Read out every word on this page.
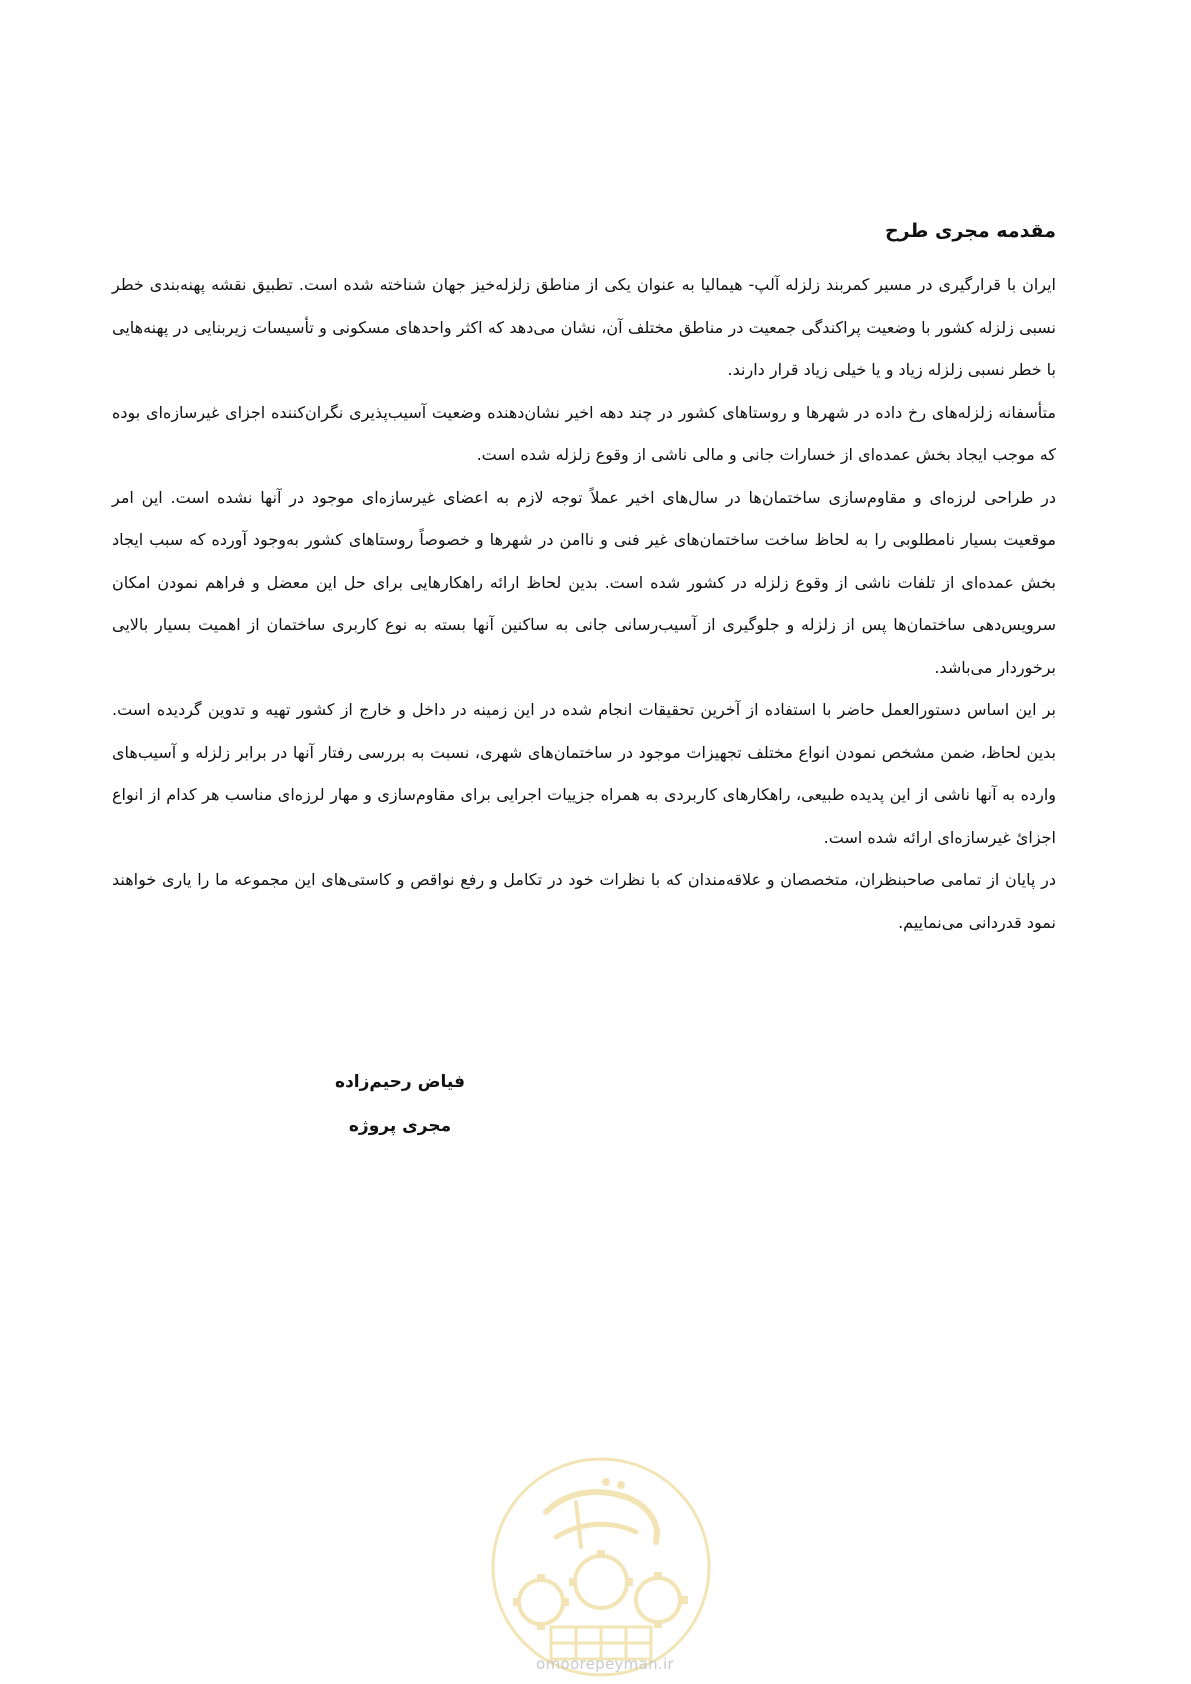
مقدمه مجری طرح

ایران با قرارگیری در مسیر کمربند زلزله آلپ- هیمالیا به عنوان یکی از مناطق زلزله‌خیز جهان شناخته شده است. تطبیق نقشه پهنه‌بندی خطر نسبی زلزله کشور با وضعیت پراکندگی جمعیت در مناطق مختلف آن، نشان می‌دهد که اکثر واحدهای مسکونی و تأسیسات زیربنایی در پهنه‌هایی با خطر نسبی زلزله زیاد و یا خیلی زیاد قرار دارند.

متأسفانه زلزله‌های رخ داده در شهرها و روستاهای کشور در چند دهه اخیر نشان‌دهنده وضعیت آسیب‌پذیری نگران‌کننده اجزای غیرسازه‌ای بوده که موجب ایجاد بخش عمده‌ای از خسارات جانی و مالی ناشی از وقوع زلزله شده است.

در طراحی لرزه‌ای و مقاوم‌سازی ساختمان‌ها در سال‌های اخیر عملاً توجه لازم به اعضای غیرسازه‌ای موجود در آنها نشده است. این امر موقعیت بسیار نامطلوبی را به لحاظ ساخت ساختمان‌های غیر فنی و ناامن در شهرها و خصوصاً روستاهای کشور به‌وجود آورده که سبب ایجاد بخش عمده‌ای از تلفات ناشی از وقوع زلزله در کشور شده است. بدین لحاظ ارائه راهکارهایی برای حل این معضل و فراهم نمودن امکان سرویس‌دهی ساختمان‌ها پس از زلزله و جلوگیری از آسیب‌رسانی جانی به ساکنین آنها بسته به نوع کاربری ساختمان از اهمیت بسیار بالایی برخوردار می‌باشد.

بر این اساس دستورالعمل حاضر با استفاده از آخرین تحقیقات انجام شده در این زمینه در داخل و خارج از کشور تهیه و تدوین گردیده است. بدین لحاظ، ضمن مشخص نمودن انواع مختلف تجهیزات موجود در ساختمان‌های شهری، نسبت به بررسی رفتار آنها در برابر زلزله و آسیب‌های وارده به آنها ناشی از این پدیده طبیعی، راهکارهای کاربردی به همراه جزییات اجرایی برای مقاوم‌سازی و مهار لرزه‌ای مناسب هر کدام از انواع اجزائ غیرسازه‌ای ارائه شده است.

در پایان از تمامی صاحبنظران، متخصصان و علاقه‌مندان که با نظرات خود در تکامل و رفع نواقص و کاستی‌های این مجموعه ما را یاری خواهند نمود قدردانی می‌نماییم.

فیاض رحیم‌زاده

مجری پروژه

omoorepeyman.ir
